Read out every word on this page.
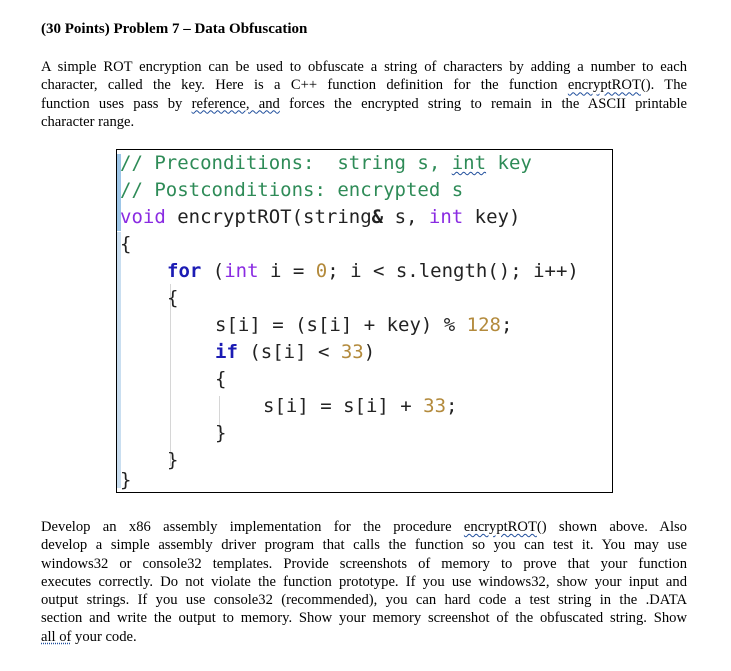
(30 Points) Problem 7 – Data Obfuscation
A simple ROT encryption can be used to obfuscate a string of characters by adding a number to each
character, called the key. Here is a C++ function definition for the function encryptROT(). The
function uses pass by reference, and forces the encrypted string to remain in the ASCII printable
character range.
// Preconditions:  string s, int key
// Postconditions: encrypted s
void encryptROT(string& s, int key)
{
for (int i = 0; i < s.length(); i++)
{
s[i] = (s[i] + key) % 128;
if (s[i] < 33)
{
s[i] = s[i] + 33;
}
}
}
Develop an x86 assembly implementation for the procedure encryptROT() shown above. Also
develop a simple assembly driver program that calls the function so you can test it. You may use
windows32 or console32 templates. Provide screenshots of memory to prove that your function
executes correctly. Do not violate the function prototype. If you use windows32, show your input and
output strings. If you use console32 (recommended), you can hard code a test string in the .DATA
section and write the output to memory. Show your memory screenshot of the obfuscated string. Show
all of your code.
